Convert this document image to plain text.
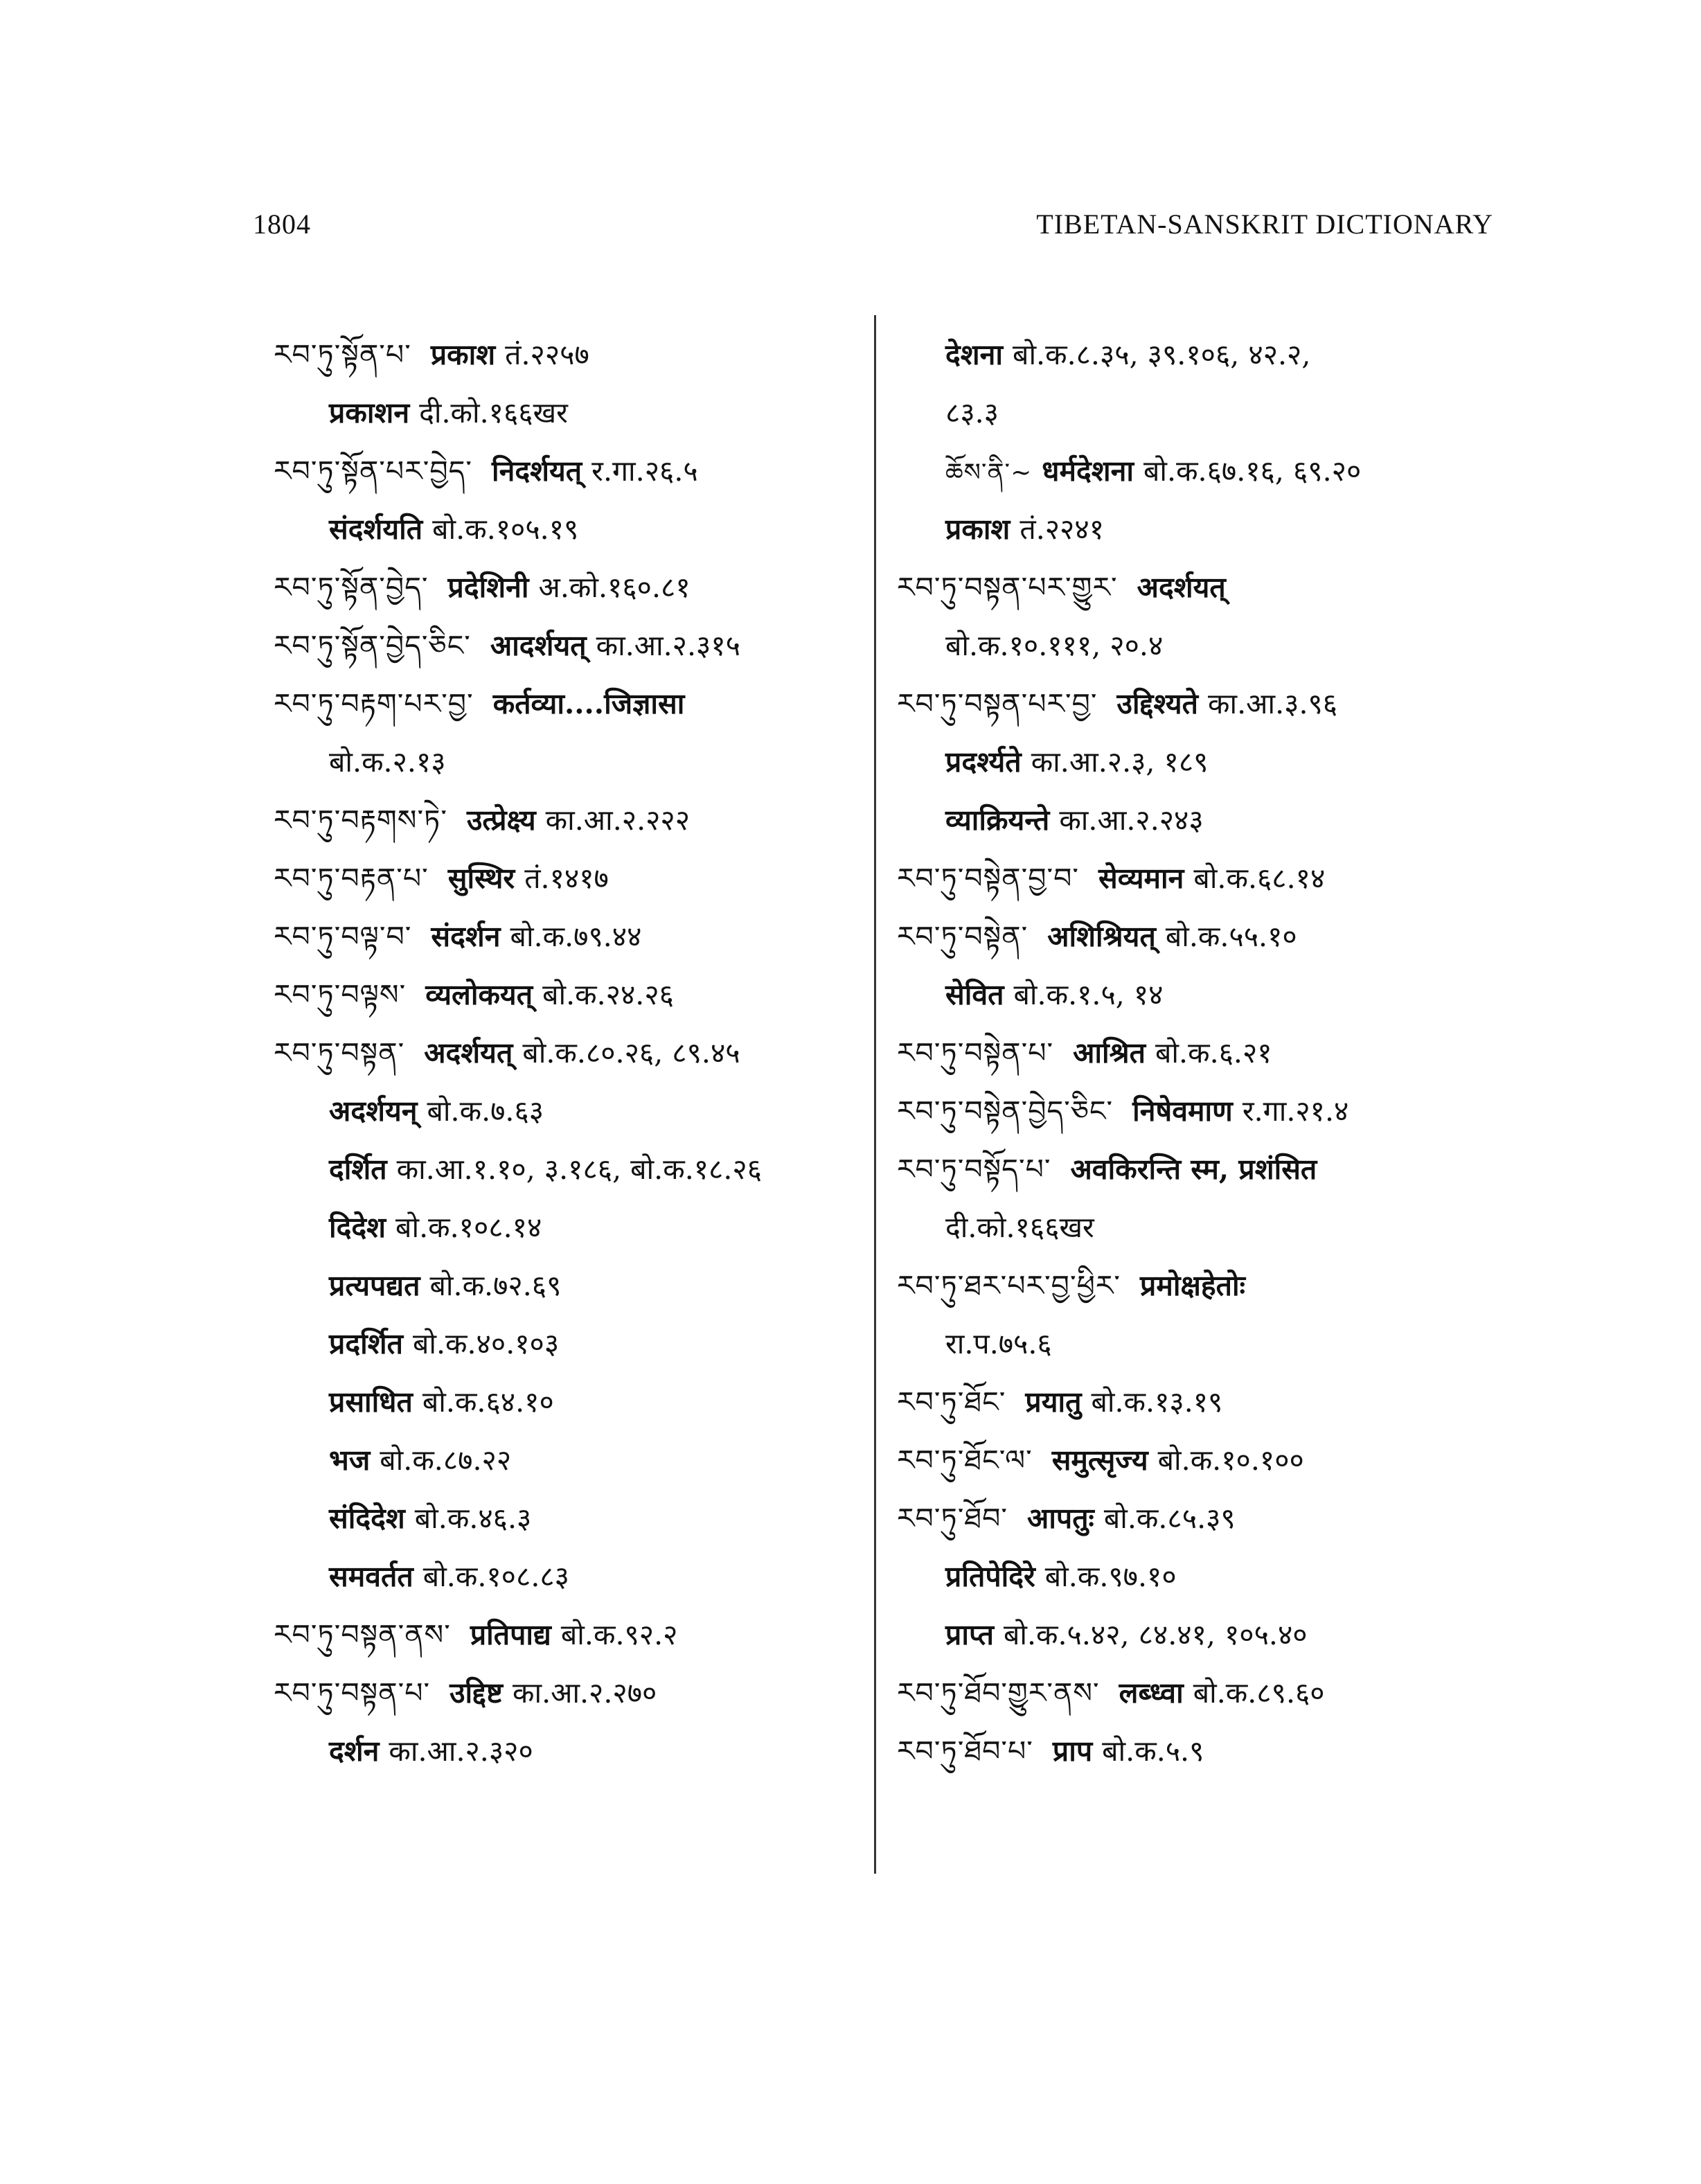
1804	TIBETAN-SANSKRIT DICTIONARY
རབ་ཏུ་སྟོན་པ་ प्रकाश तं.२२५७
प्रकाशन दी.को.१६६खर
རབ་ཏུ་སྟོན་པར་བྱེད་ निदर्शयत् र.गा.२६.५
संदर्शयति बो.क.१०५.१९
རབ་ཏུ་སྟོན་བྱེད་ प्रदेशिनी अ.को.१६०.८१
རབ་ཏུ་སྟོན་བྱེད་ཅིང་ आदर्शयत् का.आ.२.३१५
རབ་ཏུ་བརྟག་པར་བྱ་ कर्तव्या....जिज्ञासा
बो.क.२.१३
རབ་ཏུ་བརྟགས་ཏེ་ उत्प्रेक्ष्य का.आ.२.२२२
རབ་ཏུ་བརྟན་པ་ सुस्थिर तं.१४१७
རབ་ཏུ་བལྟ་བ་ संदर्शन बो.क.७९.४४
རབ་ཏུ་བལྟས་ व्यलोकयत् बो.क.२४.२६
རབ་ཏུ་བསྟན་ अदर्शयत् बो.क.८०.२६, ८९.४५
अदर्शयन् बो.क.७.६३
दर्शित का.आ.१.१०, ३.१८६, बो.क.१८.२६
दिदेश बो.क.१०८.१४
प्रत्यपद्यत बो.क.७२.६९
प्रदर्शित बो.क.४०.१०३
प्रसाधित बो.क.६४.१०
भज बो.क.८७.२२
संदिदेश बो.क.४६.३
समवर्तत बो.क.१०८.८३
རབ་ཏུ་བསྟན་ནས་ प्रतिपाद्य बो.क.९२.२
རབ་ཏུ་བསྟན་པ་ उद्दिष्ट का.आ.२.२७०
दर्शन का.आ.२.३२०
देशना बो.क.८.३५, ३९.१०६, ४२.२,
८३.३
ཆོས་ནི་~ धर्मदेशना बो.क.६७.१६, ६९.२०
प्रकाश तं.२२४१
རབ་ཏུ་བསྟན་པར་གྱུར་ अदर्शयत्
बो.क.१०.१११, २०.४
རབ་ཏུ་བསྟན་པར་བྱ་ उद्दिश्यते का.आ.३.९६
प्रदर्श्यते का.आ.२.३, १८९
व्याक्रियन्ते का.आ.२.२४३
རབ་ཏུ་བསྟེན་བྱ་བ་ सेव्यमान बो.क.६८.१४
རབ་ཏུ་བསྟེན་ अशिश्रियत् बो.क.५५.१०
सेवित बो.क.१.५, १४
རབ་ཏུ་བསྟེན་པ་ आश्रित बो.क.६.२१
རབ་ཏུ་བསྟེན་བྱེད་ཅིང་ निषेवमाण र.गा.२१.४
རབ་ཏུ་བསྟོད་པ་ अवकिरन्ति स्म, प्रशंसित
दी.को.१६६खर
རབ་ཏུ་ཐར་པར་བྱ་ཕྱིར་ प्रमोक्षहेतोः
रा.प.७५.६
རབ་ཏུ་ཐོང་ प्रयातु बो.क.१३.१९
རབ་ཏུ་ཐོང་ལ་ समुत्सृज्य बो.क.१०.१००
རབ་ཏུ་ཐོབ་ आपतुः बो.क.८५.३९
प्रतिपेदिरे बो.क.९७.१०
प्राप्त बो.क.५.४२, ८४.४१, १०५.४०
རབ་ཏུ་ཐོབ་གྱུར་ནས་ लब्ध्वा बो.क.८९.६०
རབ་ཏུ་ཐོབ་པ་ प्राप बो.क.५.९
